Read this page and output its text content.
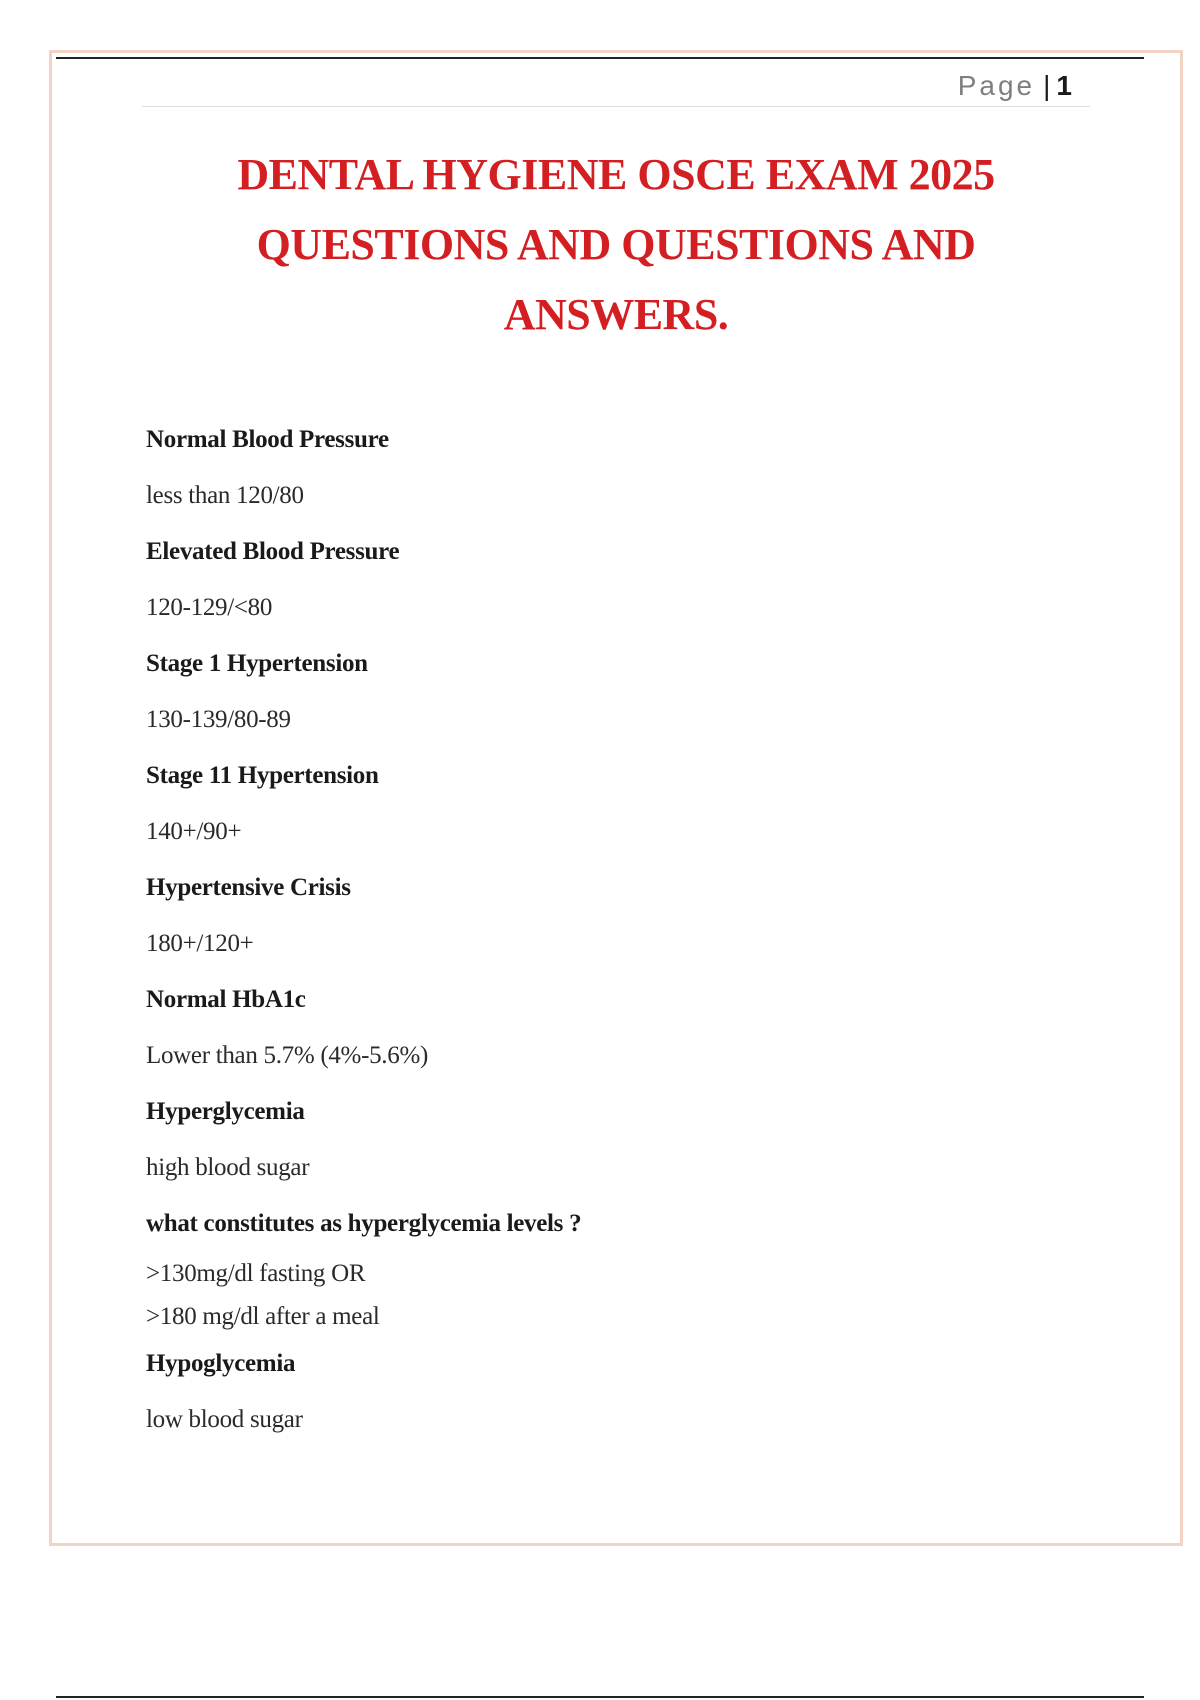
Page | 1
DENTAL HYGIENE OSCE EXAM 2025
QUESTIONS AND QUESTIONS AND
ANSWERS.

Normal Blood Pressure

less than 120/80

Elevated Blood Pressure

120-129/<80

Stage 1 Hypertension

130-139/80-89

Stage 11 Hypertension

140+/90+

Hypertensive Crisis

180+/120+

Normal HbA1c

Lower than 5.7% (4%-5.6%)

Hyperglycemia

high blood sugar

what constitutes as hyperglycemia levels ?

>130mg/dl fasting OR
>180 mg/dl after a meal

Hypoglycemia

low blood sugar
